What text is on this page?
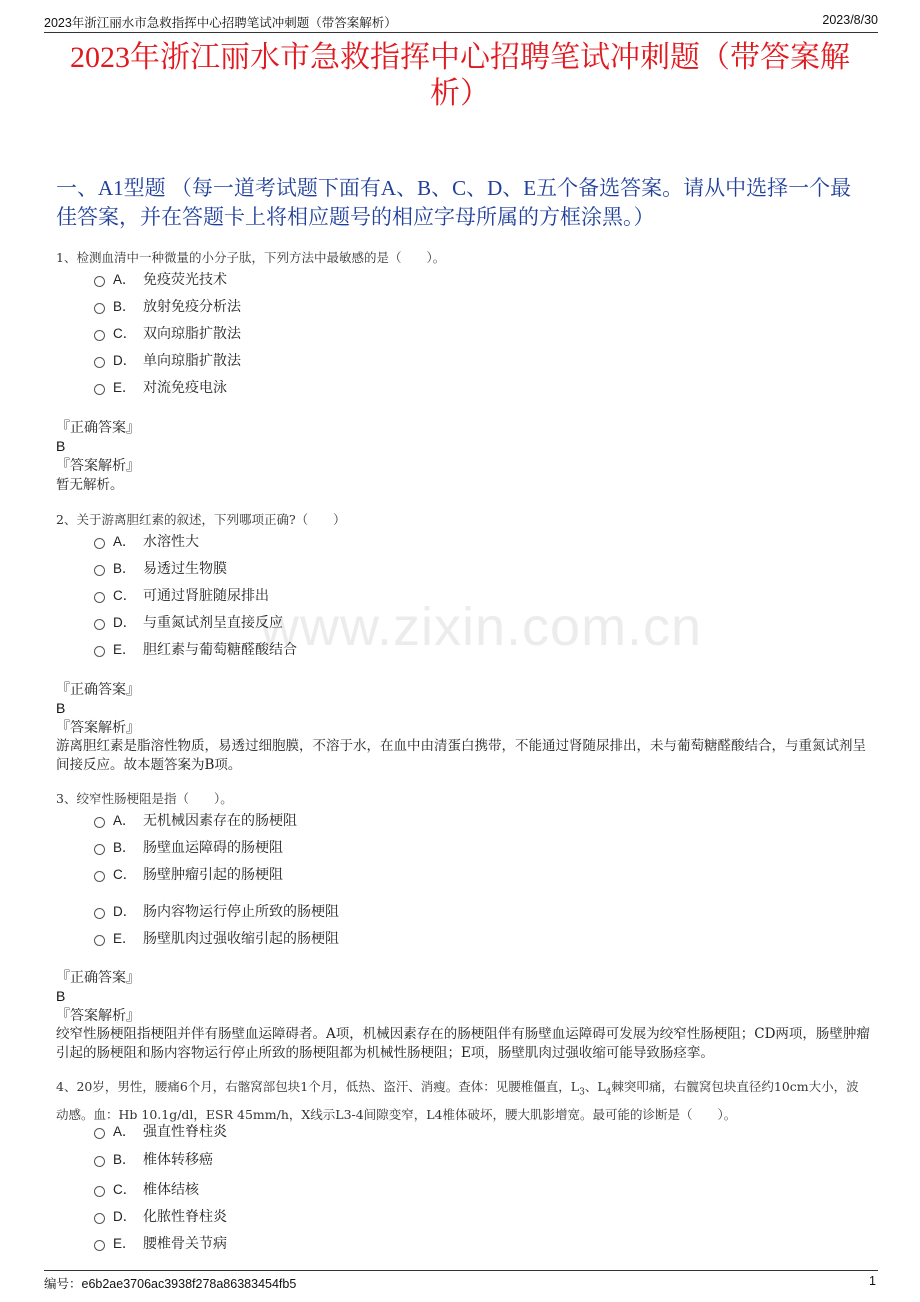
2023年浙江丽水市急救指挥中心招聘笔试冲刺题（带答案解析）	2023/8/30
2023年浙江丽水市急救指挥中心招聘笔试冲刺题（带答案解析）
一、A1型题 （每一道考试题下面有A、B、C、D、E五个备选答案。请从中选择一个最佳答案，并在答题卡上将相应题号的相应字母所属的方框涂黑。）
www.zixin.com.cn
1、检测血清中一种微量的小分子肽，下列方法中最敏感的是（　　）。
A． 免疫荧光技术
B． 放射免疫分析法
C． 双向琼脂扩散法
D． 单向琼脂扩散法
E． 对流免疫电泳
『正确答案』
B
『答案解析』
暂无解析。
2、关于游离胆红素的叙述，下列哪项正确?（　　）
A． 水溶性大
B． 易透过生物膜
C． 可通过肾脏随尿排出
D． 与重氮试剂呈直接反应
E． 胆红素与葡萄糖醛酸结合
『正确答案』
B
『答案解析』
游离胆红素是脂溶性物质，易透过细胞膜，不溶于水，在血中由清蛋白携带，不能通过肾随尿排出，未与葡萄糖醛酸结合，与重氮试剂呈间接反应。故本题答案为B项。
3、绞窄性肠梗阻是指（　　）。
A． 无机械因素存在的肠梗阻
B． 肠壁血运障碍的肠梗阻
C． 肠壁肿瘤引起的肠梗阻
D． 肠内容物运行停止所致的肠梗阻
E． 肠壁肌肉过强收缩引起的肠梗阻
『正确答案』
B
『答案解析』
绞窄性肠梗阻指梗阻并伴有肠壁血运障碍者。A项，机械因素存在的肠梗阻伴有肠壁血运障碍可发展为绞窄性肠梗阻；CD两项，肠壁肿瘤引起的肠梗阻和肠内容物运行停止所致的肠梗阻都为机械性肠梗阻；E项，肠壁肌肉过强收缩可能导致肠痉挛。
4、20岁，男性，腰痛6个月，右髂窝部包块1个月，低热、盗汗、消瘦。查体：见腰椎僵直，$L_3$、$L_4$棘突叩痛，右髋窝包块直径约10cm大小，波动感。血：Hb 10.1g/dl，ESR 45mm/h，X线示L3-4间隙变窄，L4椎体破坏，腰大肌影增宽。最可能的诊断是（　　）。
A． 强直性脊柱炎
B． 椎体转移癌
C． 椎体结核
D． 化脓性脊柱炎
E． 腰椎骨关节病
编号：e6b2ae3706ac3938f278a86383454fb5	1
